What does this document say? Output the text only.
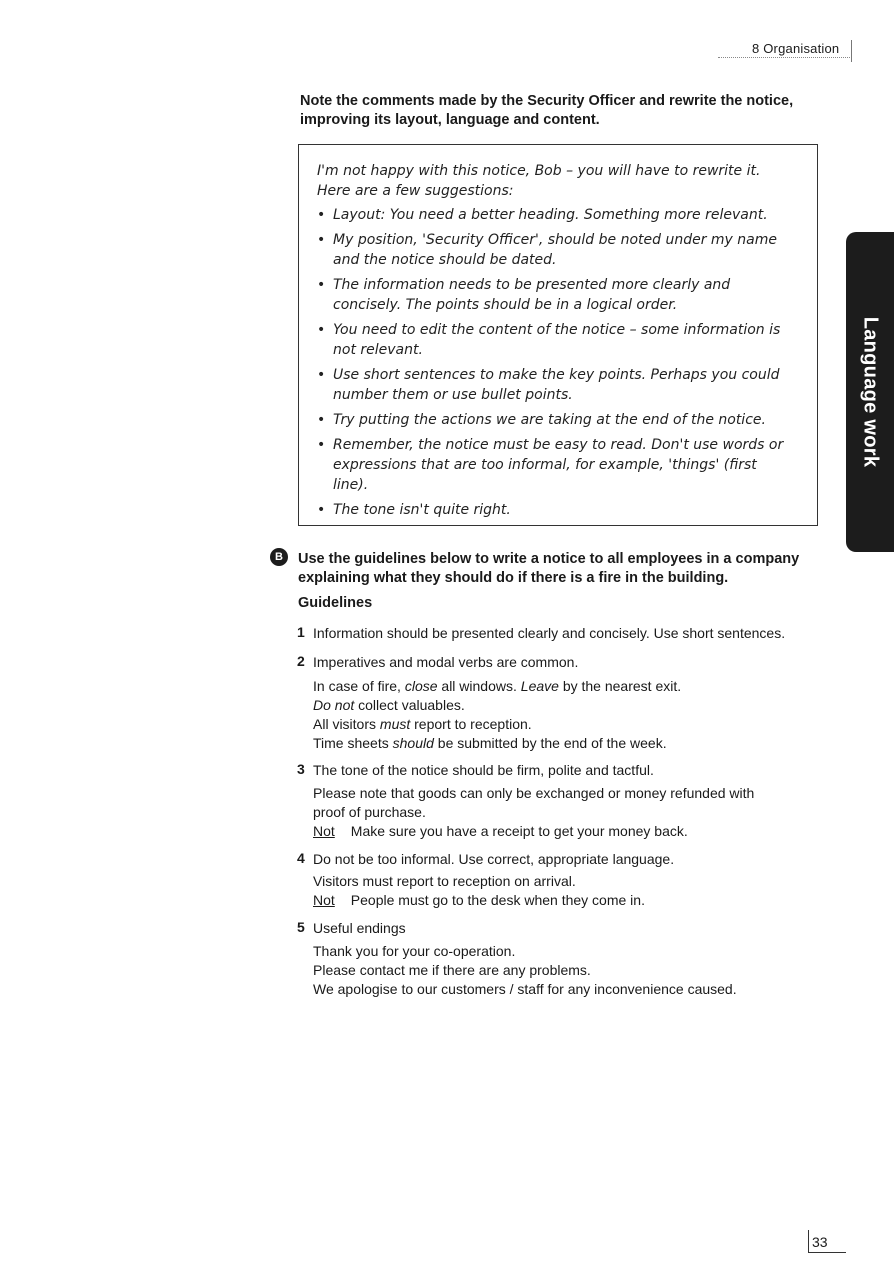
8 Organisation
Language work
Note the comments made by the Security Officer and rewrite the notice, improving its layout, language and content.
I'm not happy with this notice, Bob – you will have to rewrite it. Here are a few suggestions:
• Layout: You need a better heading. Something more relevant.
• My position, 'Security Officer', should be noted under my name and the notice should be dated.
• The information needs to be presented more clearly and concisely. The points should be in a logical order.
• You need to edit the content of the notice – some information is not relevant.
• Use short sentences to make the key points. Perhaps you could number them or use bullet points.
• Try putting the actions we are taking at the end of the notice.
• Remember, the notice must be easy to read. Don't use words or expressions that are too informal, for example, 'things' (first line).
• The tone isn't quite right.
B	Use the guidelines below to write a notice to all employees in a company explaining what they should do if there is a fire in the building.
Guidelines
1 Information should be presented clearly and concisely. Use short sentences.
2 Imperatives and modal verbs are common.
In case of fire, close all windows. Leave by the nearest exit.
Do not collect valuables.
All visitors must report to reception.
Time sheets should be submitted by the end of the week.
3 The tone of the notice should be firm, polite and tactful.
Please note that goods can only be exchanged or money refunded with proof of purchase.
Not Make sure you have a receipt to get your money back.
4 Do not be too informal. Use correct, appropriate language.
Visitors must report to reception on arrival.
Not People must go to the desk when they come in.
5 Useful endings
Thank you for your co-operation.
Please contact me if there are any problems.
We apologise to our customers / staff for any inconvenience caused.
33
